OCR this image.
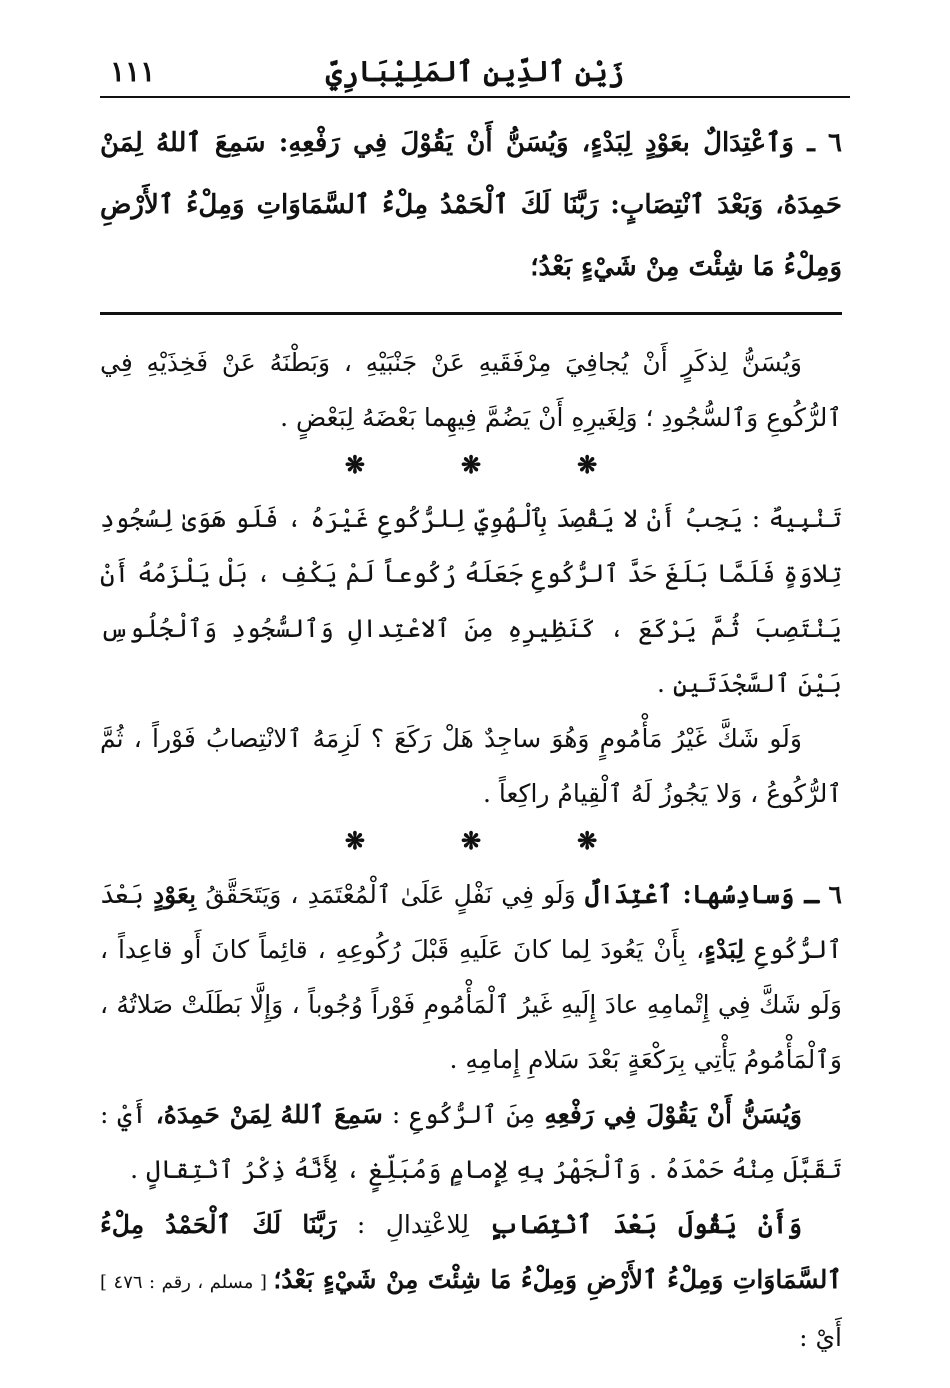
زَيْن ٱلدِّين ٱلمَلِيْبَارِيّ
١١١
٦ ـ وَٱعْتِدَالٌ بعَوْدٍ لِبَدْءٍ، وَيُسَنُّ أَنْ يَقُوْلَ فِي رَفْعِهِ: سَمِعَ ٱللهُ لِمَنْ حَمِدَهُ، وَبَعْدَ ٱنْتِصَابٍ: رَبَّنَا لَكَ ٱلْحَمْدُ مِلْءُ ٱلسَّمَاوَاتِ وَمِلْءُ ٱلأَرْضِ وَمِلْءُ مَا شِئْتَ مِنْ شَيْءٍ بَعْدُ؛

وَيُسَنُّ لِذكَرٍ أَنْ يُجافِيَ مِرْفَقَيهِ عَنْ جَنْبَيْهِ ، وَبَطْنَهُ عَنْ فَخِذَيْهِ فِي ٱلرُّكُوعِ وَٱلسُّجُودِ ؛ وَلِغَيرِهِ أَنْ يَضُمَّ فِيهِما بَعْضَهُ لِبَعْضٍ .

❋
❋
❋

تَنْبِيهٌ : يَجِبُ أَنْ لا يَقْصِدَ بِٱلْهُوِيِّ لِلرُّكُوعِ غَيْرَهُ ، فَلَو هَوَىٰ لِسُجُودِ تِلاوَةٍ فَلَمَّا بَلَغَ حَدَّ ٱلرُّكُوعِ جَعَلَهُ رُكُوعاً لَمْ يَكْفِ ، بَلْ يَلْزَمُهُ أَنْ يَنْتَصِبَ ثُمَّ يَرْكَعَ ، كَنَظِيرِهِ مِنَ ٱلاعْتِدالِ وَٱلسُّجُودِ وَٱلْجُلُوسِ بَيْنَ ٱلسَّجْدَتَينِ .

وَلَو شَكَّ غَيْرُ مَأْمُومٍ وَهُوَ ساجِدٌ هَلْ رَكَعَ ؟ لَزِمَهُ ٱلانْتِصابُ فَوْراً ، ثُمَّ ٱلرُّكُوعُ ، وَلا يَجُوزُ لَهُ ٱلْقِيامُ راكِعاً .

❋
❋
❋

٦ ـ وَسادِسُها: ٱعْتِدَالٌ وَلَو فِي نَفْلٍ عَلَىٰ ٱلْمُعْتَمَدِ ، وَيَتَحَقَّقُ بِعَوْدٍ بَعْدَ ٱلرُّكُوعِ لِبَدْءٍ، بِأَنْ يَعُودَ لِما كانَ عَلَيهِ قَبْلَ رُكُوعِهِ ، قائِماً كانَ أَو قاعِداً ، وَلَو شَكَّ فِي إِتْمامِهِ عادَ إِلَيهِ غَيرُ ٱلْمَأْمُومِ فَوْراً وُجُوباً ، وَإِلَّا بَطَلَتْ صَلاتُهُ ، وَٱلْمَأْمُومُ يَأْتِي بِرَكْعَةٍ بَعْدَ سَلامِ إِمامِهِ .

وَيُسَنُّ أَنْ يَقُوْلَ فِي رَفْعِهِ مِنَ ٱلرُّكُوعِ : سَمِعَ ٱللهُ لِمَنْ حَمِدَهُ، أَيْ : تَقَبَّلَ مِنْهُ حَمْدَهُ . وَٱلْجَهْرُ بِهِ لِإِمامٍ وَمُبَلِّغٍ ، لِأَنَّهُ ذِكْرُ ٱنْتِقالٍ .

وَأَنْ يَقُولَ بَعْدَ ٱنْتِصَابٍ لِلاعْتِدالِ : رَبَّنَا لَكَ ٱلْحَمْدُ مِلْءُ ٱلسَّمَاوَاتِ وَمِلْءُ ٱلأَرْضِ وَمِلْءُ مَا شِئْتَ مِنْ شَيْءٍ بَعْدُ؛ [ مسلم ، رقم : ٤٧٦ ] أَيْ :
